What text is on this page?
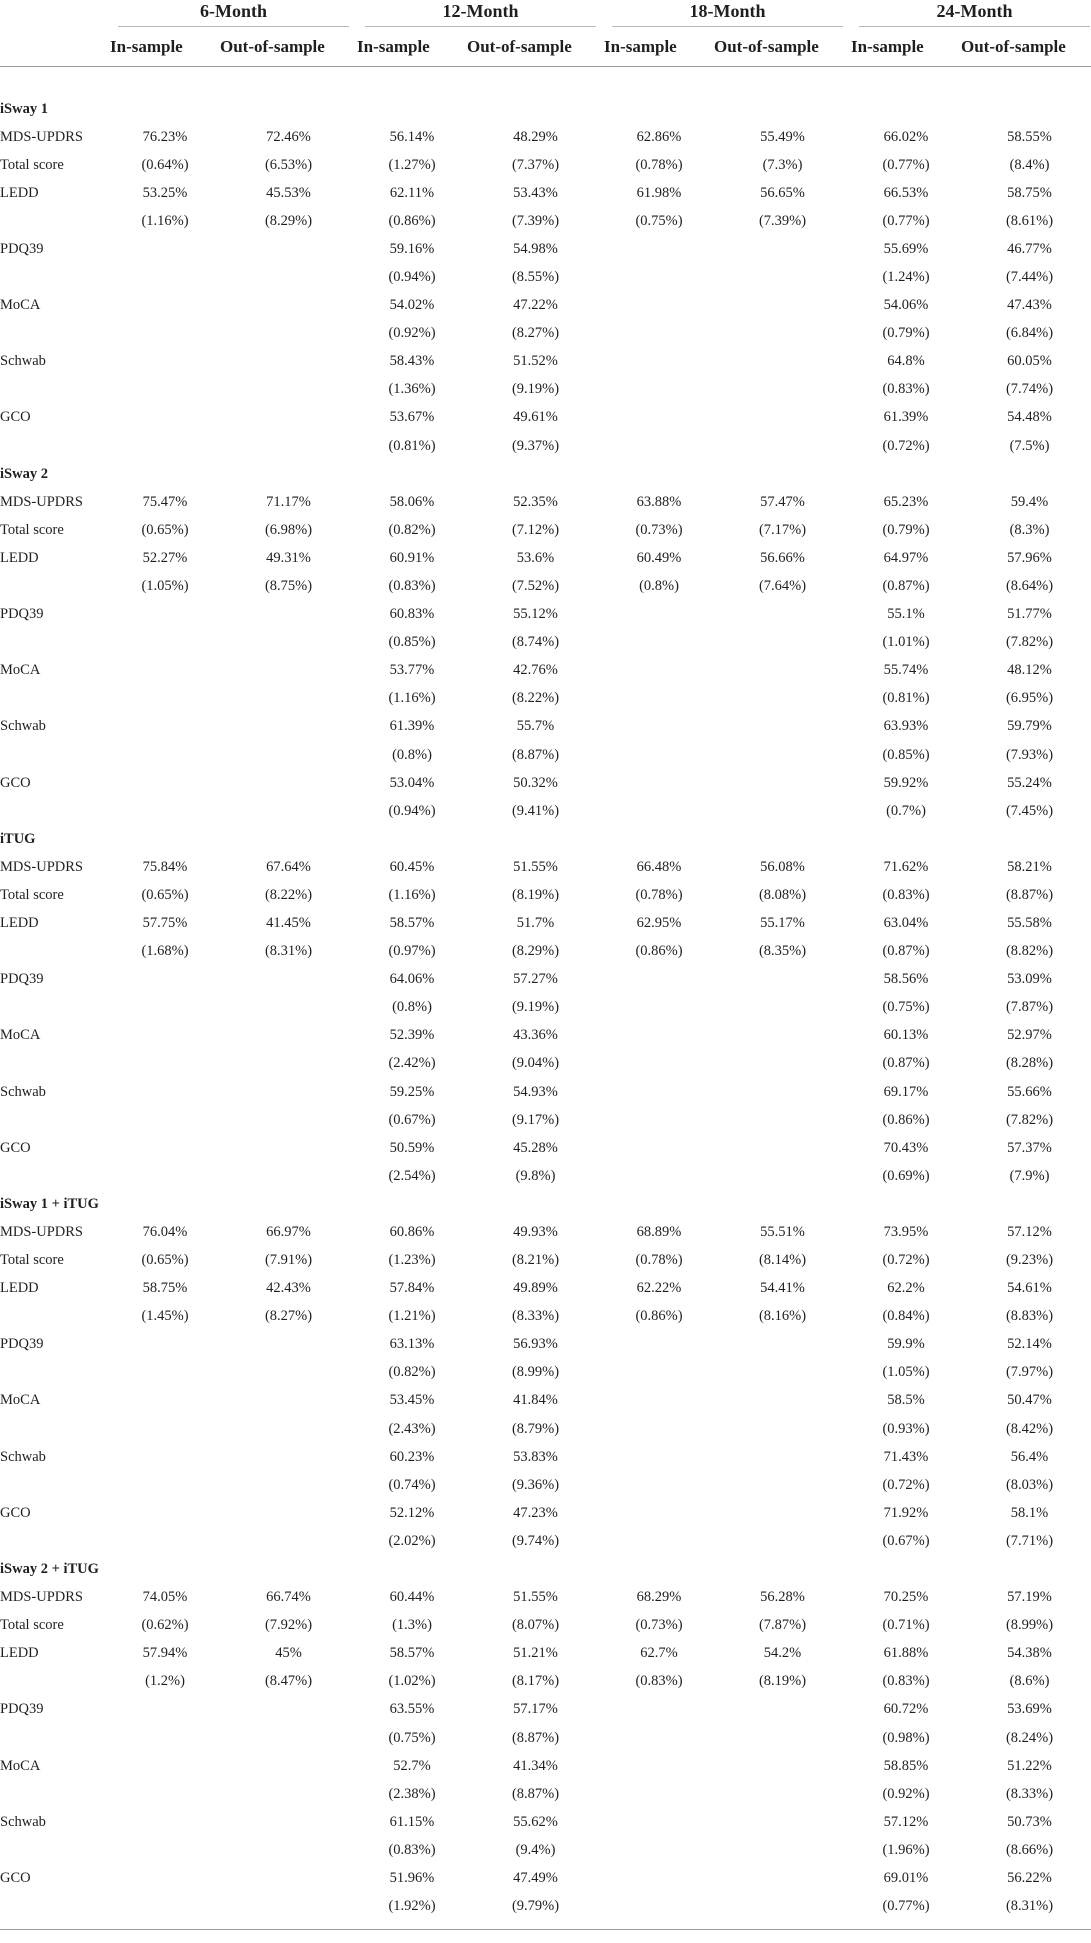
	6-Month		12-Month		18-Month		24-Month	

	In-sample	Out-of-sample	In-sample	Out-of-sample	In-sample	Out-of-sample	In-sample	Out-of-sample

iSway 1								
MDS-UPDRS	76.23%	72.46%	56.14%	48.29%	62.86%	55.49%	66.02%	58.55%
Total score	(0.64%)	(6.53%)	(1.27%)	(7.37%)	(0.78%)	(7.3%)	(0.77%)	(8.4%)
LEDD	53.25%	45.53%	62.11%	53.43%	61.98%	56.65%	66.53%	58.75%
	(1.16%)	(8.29%)	(0.86%)	(7.39%)	(0.75%)	(7.39%)	(0.77%)	(8.61%)
PDQ39			59.16%	54.98%			55.69%	46.77%
			(0.94%)	(8.55%)			(1.24%)	(7.44%)
MoCA			54.02%	47.22%			54.06%	47.43%
			(0.92%)	(8.27%)			(0.79%)	(6.84%)
Schwab			58.43%	51.52%			64.8%	60.05%
			(1.36%)	(9.19%)			(0.83%)	(7.74%)
GCO			53.67%	49.61%			61.39%	54.48%
			(0.81%)	(9.37%)			(0.72%)	(7.5%)
iSway 2								
MDS-UPDRS	75.47%	71.17%	58.06%	52.35%	63.88%	57.47%	65.23%	59.4%
Total score	(0.65%)	(6.98%)	(0.82%)	(7.12%)	(0.73%)	(7.17%)	(0.79%)	(8.3%)
LEDD	52.27%	49.31%	60.91%	53.6%	60.49%	56.66%	64.97%	57.96%
	(1.05%)	(8.75%)	(0.83%)	(7.52%)	(0.8%)	(7.64%)	(0.87%)	(8.64%)
PDQ39			60.83%	55.12%			55.1%	51.77%
			(0.85%)	(8.74%)			(1.01%)	(7.82%)
MoCA			53.77%	42.76%			55.74%	48.12%
			(1.16%)	(8.22%)			(0.81%)	(6.95%)
Schwab			61.39%	55.7%			63.93%	59.79%
			(0.8%)	(8.87%)			(0.85%)	(7.93%)
GCO			53.04%	50.32%			59.92%	55.24%
			(0.94%)	(9.41%)			(0.7%)	(7.45%)
iTUG								
MDS-UPDRS	75.84%	67.64%	60.45%	51.55%	66.48%	56.08%	71.62%	58.21%
Total score	(0.65%)	(8.22%)	(1.16%)	(8.19%)	(0.78%)	(8.08%)	(0.83%)	(8.87%)
LEDD	57.75%	41.45%	58.57%	51.7%	62.95%	55.17%	63.04%	55.58%
	(1.68%)	(8.31%)	(0.97%)	(8.29%)	(0.86%)	(8.35%)	(0.87%)	(8.82%)
PDQ39			64.06%	57.27%			58.56%	53.09%
			(0.8%)	(9.19%)			(0.75%)	(7.87%)
MoCA			52.39%	43.36%			60.13%	52.97%
			(2.42%)	(9.04%)			(0.87%)	(8.28%)
Schwab			59.25%	54.93%			69.17%	55.66%
			(0.67%)	(9.17%)			(0.86%)	(7.82%)
GCO			50.59%	45.28%			70.43%	57.37%
			(2.54%)	(9.8%)			(0.69%)	(7.9%)
iSway 1 + iTUG								
MDS-UPDRS	76.04%	66.97%	60.86%	49.93%	68.89%	55.51%	73.95%	57.12%
Total score	(0.65%)	(7.91%)	(1.23%)	(8.21%)	(0.78%)	(8.14%)	(0.72%)	(9.23%)
LEDD	58.75%	42.43%	57.84%	49.89%	62.22%	54.41%	62.2%	54.61%
	(1.45%)	(8.27%)	(1.21%)	(8.33%)	(0.86%)	(8.16%)	(0.84%)	(8.83%)
PDQ39			63.13%	56.93%			59.9%	52.14%
			(0.82%)	(8.99%)			(1.05%)	(7.97%)
MoCA			53.45%	41.84%			58.5%	50.47%
			(2.43%)	(8.79%)			(0.93%)	(8.42%)
Schwab			60.23%	53.83%			71.43%	56.4%
			(0.74%)	(9.36%)			(0.72%)	(8.03%)
GCO			52.12%	47.23%			71.92%	58.1%
			(2.02%)	(9.74%)			(0.67%)	(7.71%)
iSway 2 + iTUG								
MDS-UPDRS	74.05%	66.74%	60.44%	51.55%	68.29%	56.28%	70.25%	57.19%
Total score	(0.62%)	(7.92%)	(1.3%)	(8.07%)	(0.73%)	(7.87%)	(0.71%)	(8.99%)
LEDD	57.94%	45%	58.57%	51.21%	62.7%	54.2%	61.88%	54.38%
	(1.2%)	(8.47%)	(1.02%)	(8.17%)	(0.83%)	(8.19%)	(0.83%)	(8.6%)
PDQ39			63.55%	57.17%			60.72%	53.69%
			(0.75%)	(8.87%)			(0.98%)	(8.24%)
MoCA			52.7%	41.34%			58.85%	51.22%
			(2.38%)	(8.87%)			(0.92%)	(8.33%)
Schwab			61.15%	55.62%			57.12%	50.73%
			(0.83%)	(9.4%)			(1.96%)	(8.66%)
GCO			51.96%	47.49%			69.01%	56.22%
			(1.92%)	(9.79%)			(0.77%)	(8.31%)
